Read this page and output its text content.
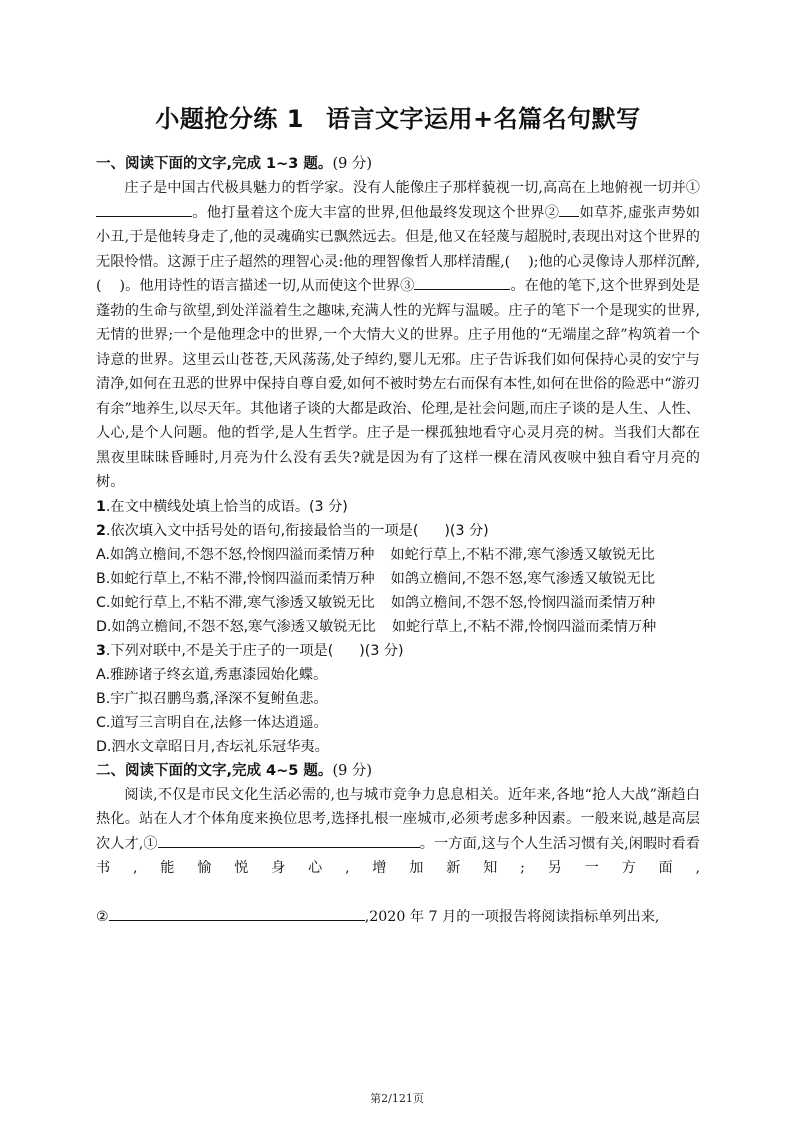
小题抢分练 1 语言文字运用+名篇名句默写

一、阅读下面的文字,完成 1~3 题。(9 分)

庄子是中国古代极具魅力的哲学家。没有人能像庄子那样藐视一切,高高在上地俯视一切并①。他打量着这个庞大丰富的世界,但他最终发现这个世界② 如草芥,虚张声势如小丑,于是他转身走了,他的灵魂确实已飘然远去。但是,他又在轻蔑与超脱时,表现出对这个世界的无限怜惜。这源于庄子超然的理智心灵:他的理智像哲人那样清醒,( );他的心灵像诗人那样沉醉,( )。他用诗性的语言描述一切,从而使这个世界③	。在他的笔下,这个世界到处是蓬勃的生命与欲望,到处洋溢着生之趣味,充满人性的光辉与温暖。庄子的笔下一个是现实的世界,无情的世界;一个是他理念中的世界,一个大情大义的世界。庄子用他的“无端崖之辞”构筑着一个诗意的世界。这里云山苍苍,天风荡荡,处子绰约,婴儿无邪。庄子告诉我们如何保持心灵的安宁与清净,如何在丑恶的世界中保持自尊自爱,如何不被时势左右而保有本性,如何在世俗的险恶中“游刃有余”地养生,以尽天年。其他诸子谈的大都是政治、伦理,是社会问题,而庄子谈的是人生、人性、人心,是个人问题。他的哲学,是人生哲学。庄子是一棵孤独地看守心灵月亮的树。当我们大都在黑夜里昧昧昏睡时,月亮为什么没有丢失?就是因为有了这样一棵在清风夜唳中独自看守月亮的树。

1.在文中横线处填上恰当的成语。(3 分)

2.依次填入文中括号处的语句,衔接最恰当的一项是( )(3 分)

A.如鸽立檐间,不怨不怒,怜悯四溢而柔情万种 如蛇行草上,不粘不滞,寒气渗透又敏锐无比

B.如蛇行草上,不粘不滞,怜悯四溢而柔情万种 如鸽立檐间,不怨不怒,寒气渗透又敏锐无比

C.如蛇行草上,不粘不滞,寒气渗透又敏锐无比 如鸽立檐间,不怨不怒,怜悯四溢而柔情万种

D.如鸽立檐间,不怨不怒,寒气渗透又敏锐无比 如蛇行草上,不粘不滞,怜悯四溢而柔情万种

3.下列对联中,不是关于庄子的一项是( )(3 分)

A.雅跡诸子终玄道,秀惠漆园始化蝶。

B.宇广拟召鹏鸟翥,泽深不复鲋鱼悲。

C.道写三言明自在,法修一体达逍遥。

D.泗水文章昭日月,杏坛礼乐冠华夷。

二、阅读下面的文字,完成 4~5 题。(9 分)

阅读,不仅是市民文化生活必需的,也与城市竞争力息息相关。近年来,各地“抢人大战”渐趋白热化。站在人才个体角度来换位思考,选择扎根一座城市,必须考虑多种因素。一般来说,越是高层次人才,①	。一方面,这与个人生活习惯有关,闲暇时看看书,能愉悦身心,增加新知;另一方面,②	,2020 年 7 月的一项报告将阅读指标单列出来,

第2/121页
